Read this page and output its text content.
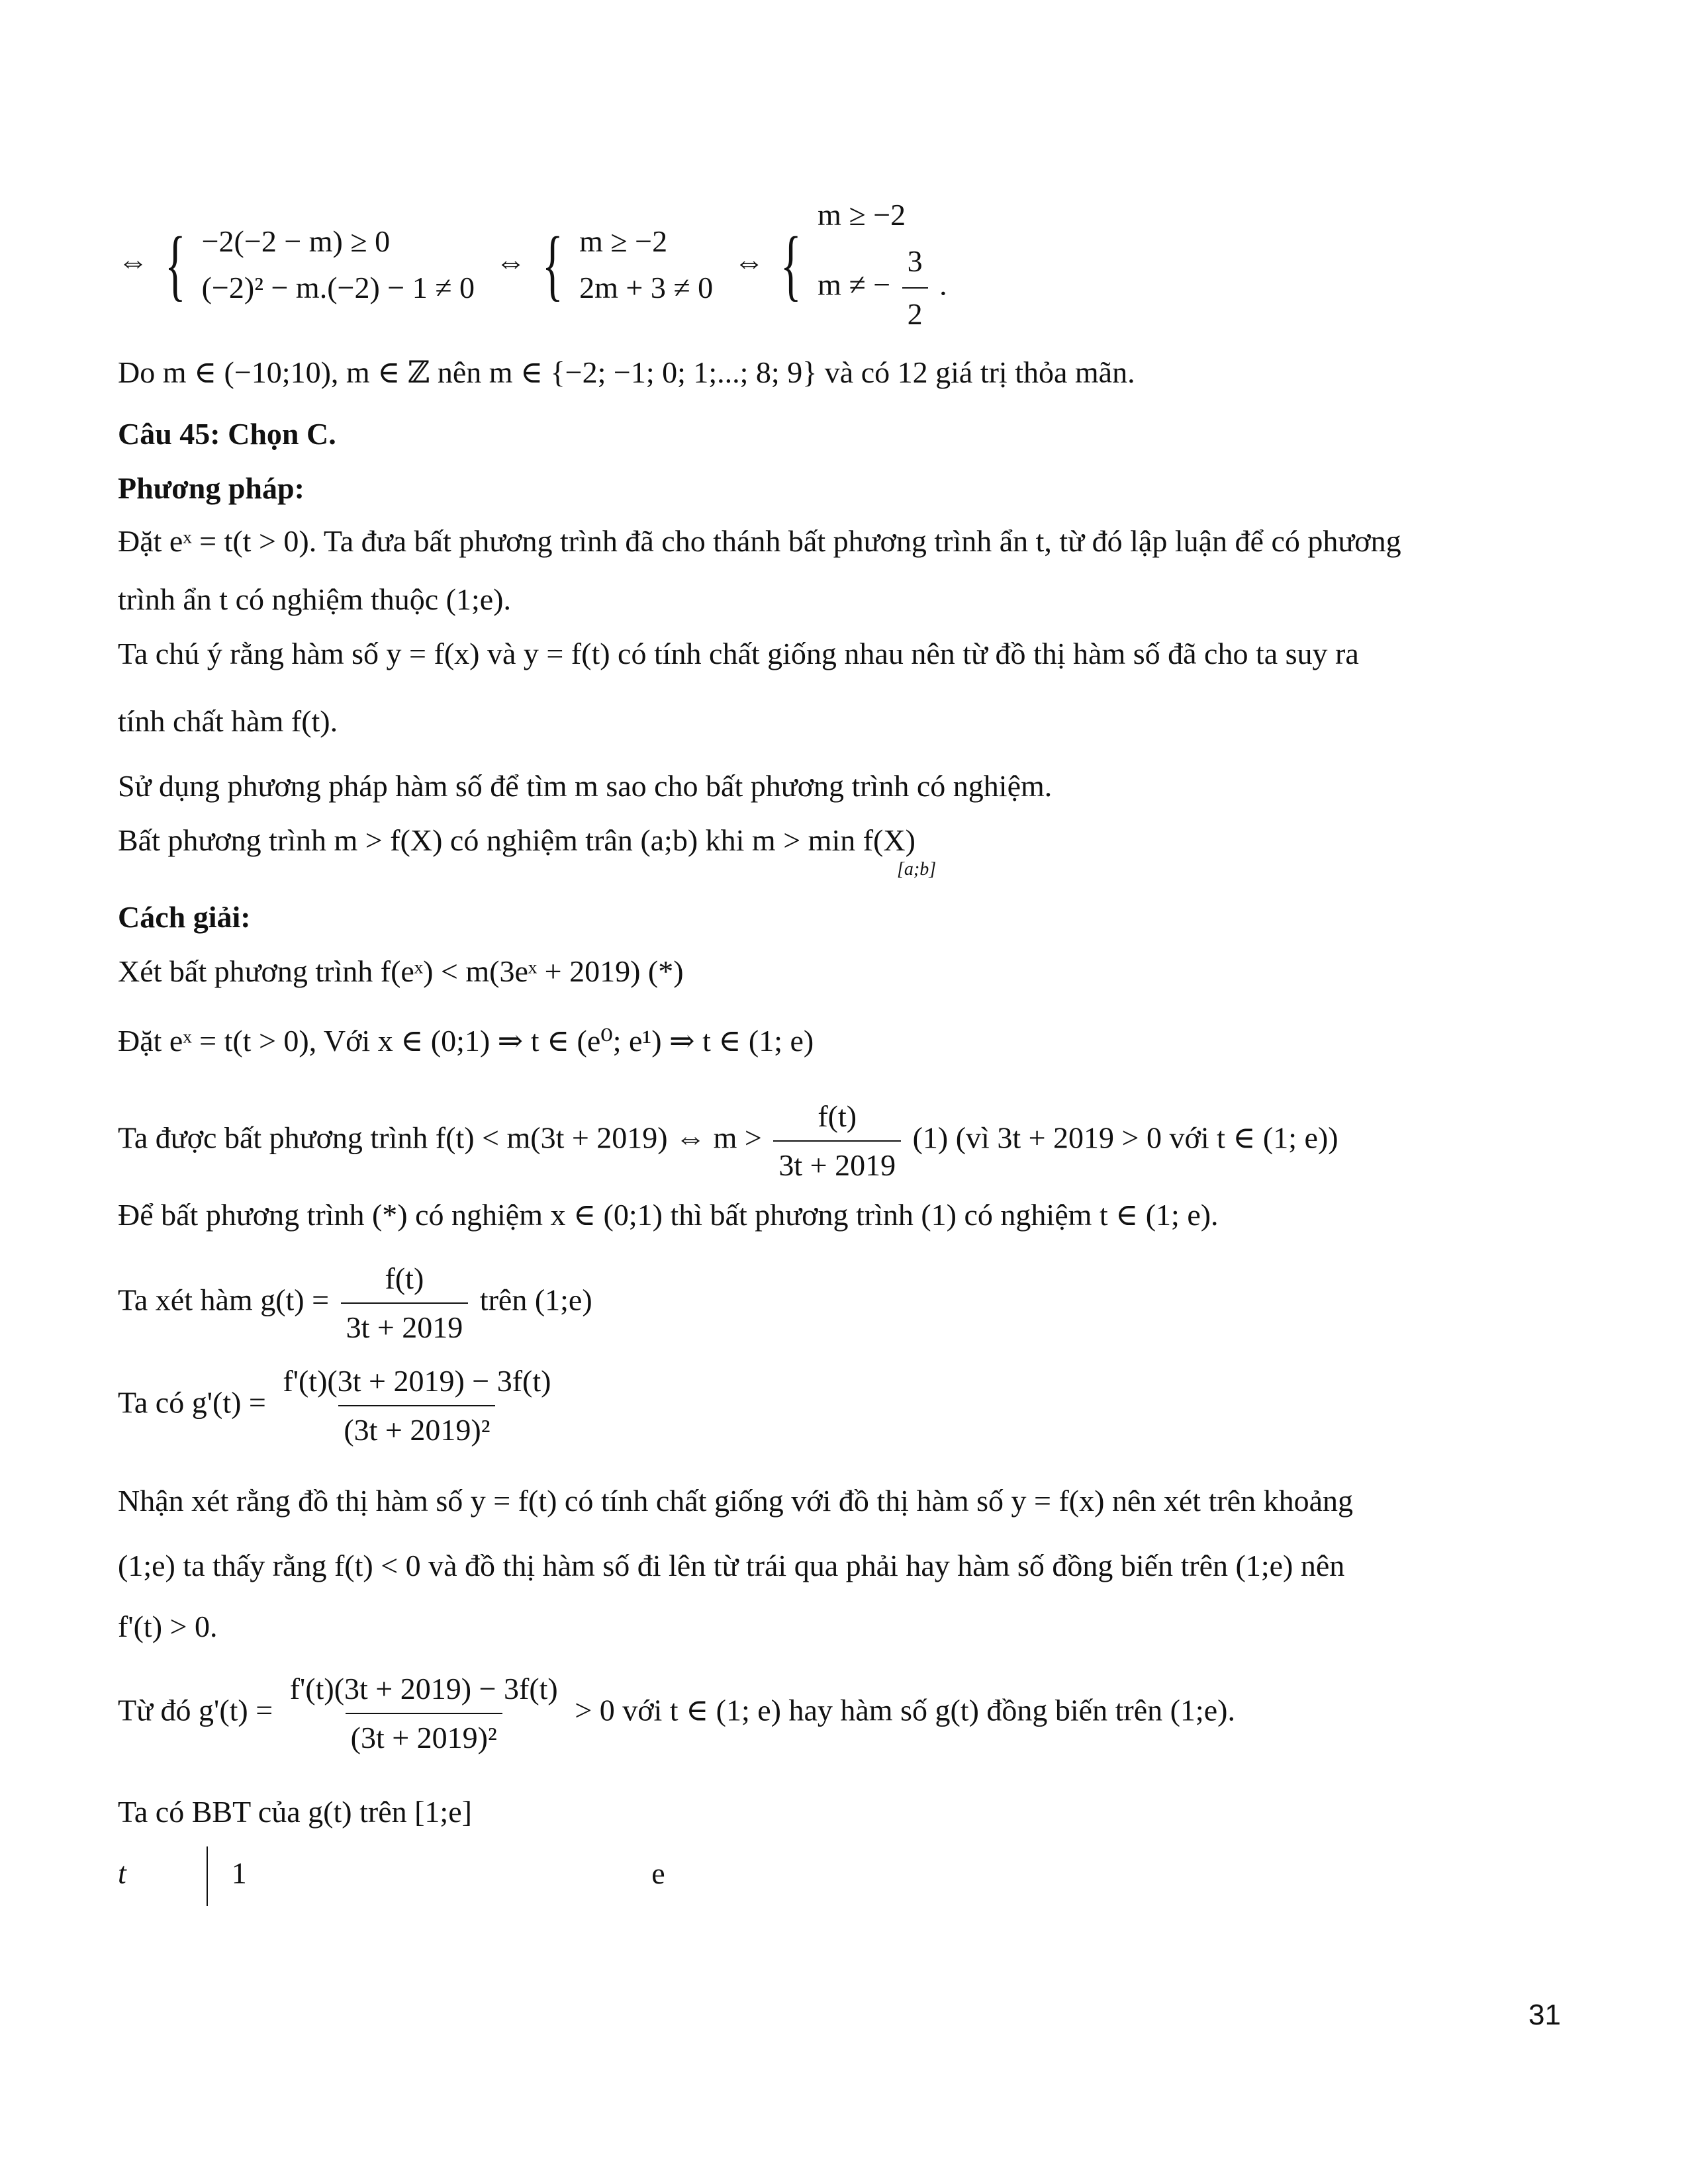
⇔ { −2(−2 − m) ≥ 0
(−2)² − m.(−2) − 1 ≠ 0
⇔ { m ≥ −2
2m + 3 ≠ 0
⇔ {
m ≥ −2
m ≠ − $\frac{3}{2}$ .
Do m ∈ (−10;10), m ∈ ℤ nên m ∈ {−2; −1; 0; 1;...; 8; 9} và có 12 giá trị thỏa mãn.
Câu 45: Chọn C.
Phương pháp:
Đặt eˣ = t(t > 0). Ta đưa bất phương trình đã cho thánh bất phương trình ẩn t, từ đó lập luận để có phương
trình ẩn t có nghiệm thuộc (1;e).
Ta chú ý rằng hàm số y = f(x) và y = f(t) có tính chất giống nhau nên từ đồ thị hàm số đã cho ta suy ra
tính chất hàm f(t).
Sử dụng phương pháp hàm số để tìm m sao cho bất phương trình có nghiệm.
Bất phương trình m > f(X) có nghiệm trân (a;b) khi m > min f(X)
[a;b]
Cách giải:
Xét bất phương trình f(eˣ) < m(3eˣ + 2019) (*)
Đặt eˣ = t(t > 0), Với x ∈ (0;1) ⇒ t ∈ (e⁰; e¹) ⇒ t ∈ (1; e)
Ta được bất phương trình f(t) < m(3t + 2019) ⇔ $m > \frac{f(t)}{3t + 2019} (1)$ (vì 3t + 2019 > 0 với t ∈ (1; e))
Để bất phương trình (*) có nghiệm x ∈ (0;1) thì bất phương trình (1) có nghiệm t ∈ (1; e).
Ta xét hàm $g(t) = \frac{f(t)}{3t + 2019}$ trên (1;e)
Ta có $g'(t) = \frac{f'(t)(3t + 2019) - 3f(t)}{\text{(3t + 2019)²}}$
Nhận xét rằng đồ thị hàm số y = f(t) có tính chất giống với đồ thị hàm số y = f(x) nên xét trên khoảng
(1;e) ta thấy rằng f(t) < 0 và đồ thị hàm số đi lên từ trái qua phải hay hàm số đồng biến trên (1;e) nên
f'(t) > 0.
Từ đó $g'(t) = \frac{f'(t)(3t + 2019) - 3f(t)}{\text{(3t + 2019)²}} > 0$ với t ∈ (1; e) hay hàm số g(t) đồng biến trên (1;e).
Ta có BBT của g(t) trên [1;e]
t	1	e
31
